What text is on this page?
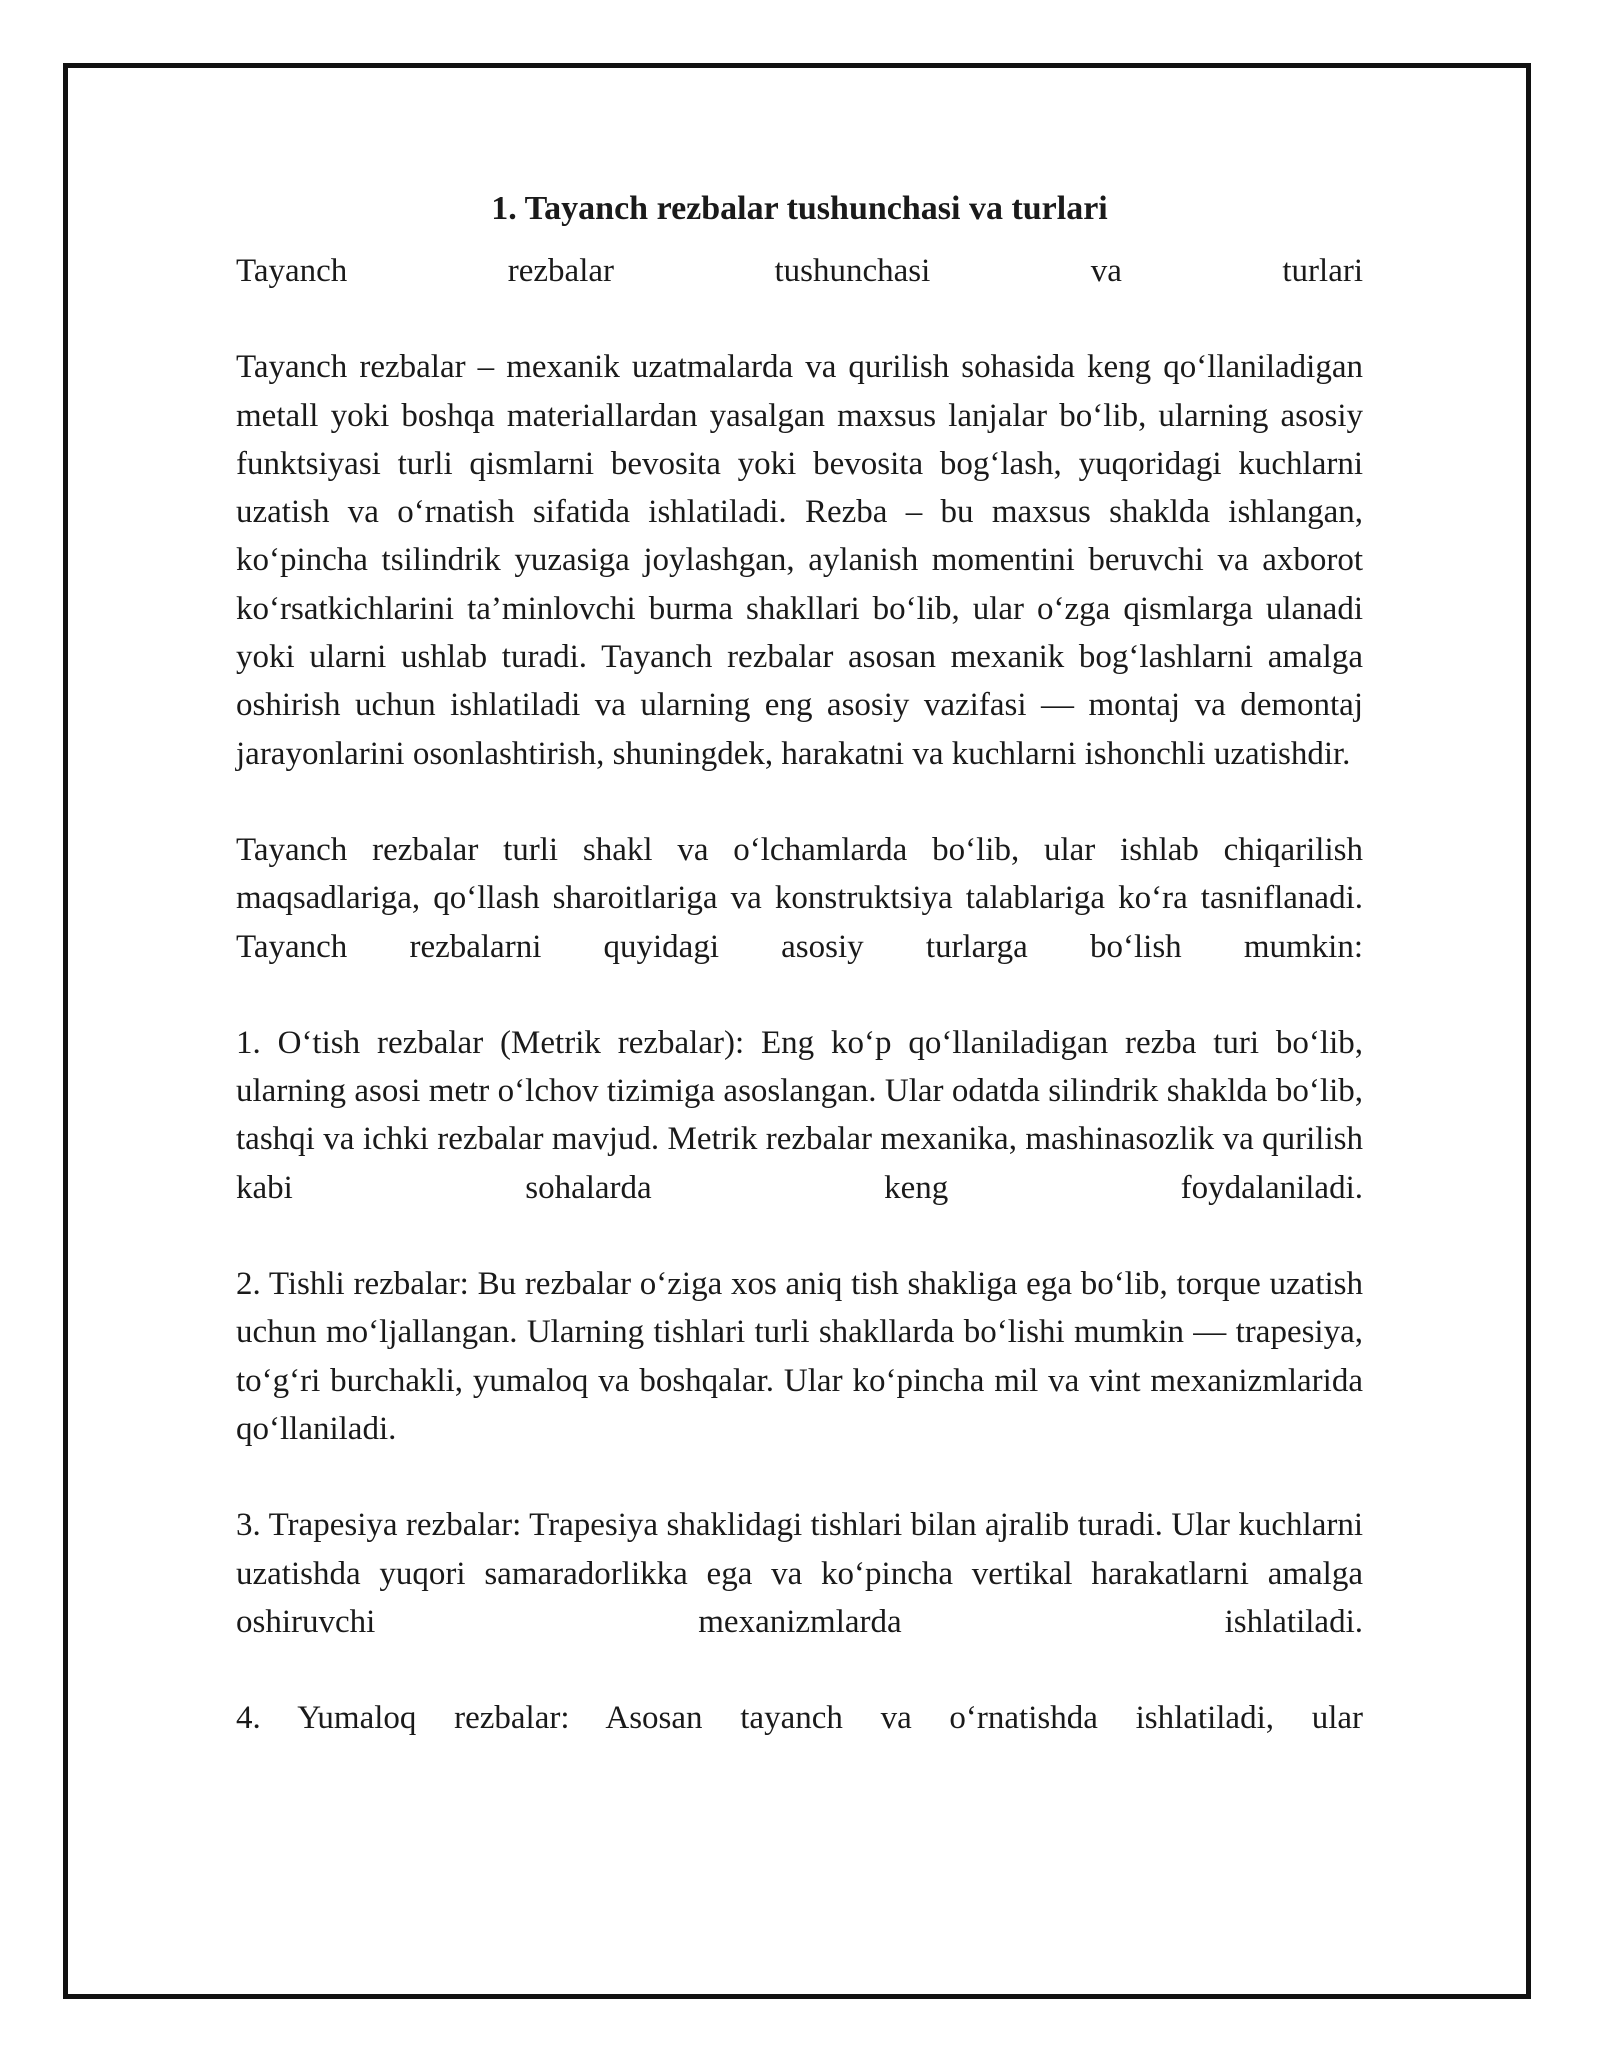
1. Tayanch rezbalar tushunchasi va turlari

Tayanch rezbalar tushunchasi va turlari

Tayanch rezbalar – mexanik uzatmalarda va qurilish sohasida keng qo‘llaniladigan metall yoki boshqa materiallardan yasalgan maxsus lanjalar bo‘lib, ularning asosiy funktsiyasi turli qismlarni bevosita yoki bevosita bog‘lash, yuqoridagi kuchlarni uzatish va o‘rnatish sifatida ishlatiladi. Rezba – bu maxsus shaklda ishlangan, ko‘pincha tsilindrik yuzasiga joylashgan, aylanish momentini beruvchi va axborot ko‘rsatkichlarini ta’minlovchi burma shakllari bo‘lib, ular o‘zga qismlarga ulanadi yoki ularni ushlab turadi. Tayanch rezbalar asosan mexanik bog‘lashlarni amalga oshirish uchun ishlatiladi va ularning eng asosiy vazifasi — montaj va demontaj jarayonlarini osonlashtirish, shuningdek, harakatni va kuchlarni ishonchli uzatishdir.

Tayanch rezbalar turli shakl va o‘lchamlarda bo‘lib, ular ishlab chiqarilish maqsadlariga, qo‘llash sharoitlariga va konstruktsiya talablariga ko‘ra tasniflanadi. Tayanch rezbalarni quyidagi asosiy turlarga bo‘lish mumkin:

1. O‘tish rezbalar (Metrik rezbalar): Eng ko‘p qo‘llaniladigan rezba turi bo‘lib, ularning asosi metr o‘lchov tizimiga asoslangan. Ular odatda silindrik shaklda bo‘lib, tashqi va ichki rezbalar mavjud. Metrik rezbalar mexanika, mashinasozlik va qurilish kabi sohalarda keng foydalaniladi.

2. Tishli rezbalar: Bu rezbalar o‘ziga xos aniq tish shakliga ega bo‘lib, torque uzatish uchun mo‘ljallangan. Ularning tishlari turli shakllarda bo‘lishi mumkin — trapesiya, to‘g‘ri burchakli, yumaloq va boshqalar. Ular ko‘pincha mil va vint mexanizmlarida qo‘llaniladi.

3. Trapesiya rezbalar: Trapesiya shaklidagi tishlari bilan ajralib turadi. Ular kuchlarni uzatishda yuqori samaradorlikka ega va ko‘pincha vertikal harakatlarni amalga oshiruvchi mexanizmlarda ishlatiladi.

4. Yumaloq rezbalar: Asosan tayanch va o‘rnatishda ishlatiladi, ular
